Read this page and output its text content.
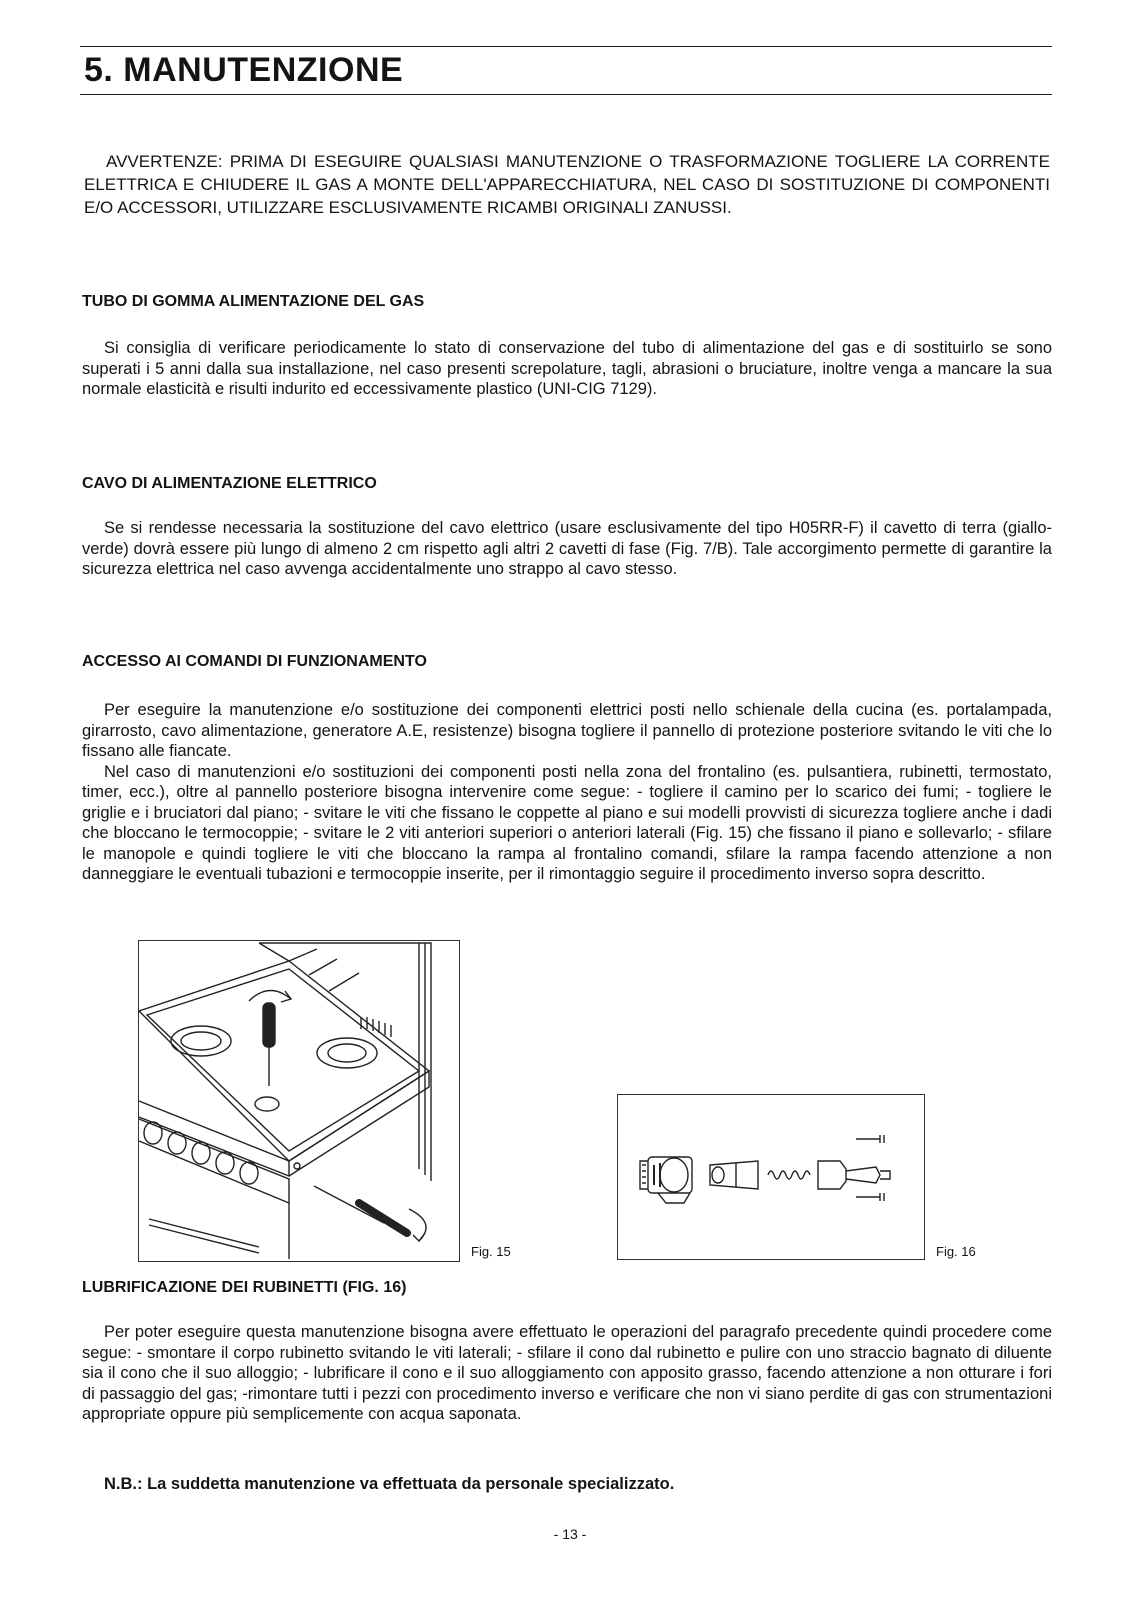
5. MANUTENZIONE

AVVERTENZE: PRIMA DI ESEGUIRE QUALSIASI MANUTENZIONE O TRASFORMAZIONE TOGLIERE LA CORRENTE ELETTRICA E CHIUDERE IL GAS A MONTE DELL'APPARECCHIATURA, NEL CASO DI SOSTITUZIONE DI COMPONENTI E/O ACCESSORI, UTILIZZARE ESCLUSIVAMENTE RICAMBI ORIGINALI ZANUSSI.

TUBO DI GOMMA ALIMENTAZIONE DEL GAS

Si consiglia di verificare periodicamente lo stato di conservazione del tubo di alimentazione del gas e di sostituirlo se sono superati i 5 anni dalla sua installazione, nel caso presenti screpolature, tagli, abrasioni o bruciature, inoltre venga a mancare la sua normale elasticità e risulti indurito ed eccessivamente plastico (UNI-CIG 7129).

CAVO DI ALIMENTAZIONE ELETTRICO

Se si rendesse necessaria la sostituzione del cavo elettrico (usare esclusivamente del tipo H05RR-F) il cavetto di terra (giallo-verde) dovrà essere più lungo di almeno 2 cm rispetto agli altri 2 cavetti di fase (Fig. 7/B). Tale accorgimento permette di garantire la sicurezza elettrica nel caso avvenga accidentalmente uno strappo al cavo stesso.

ACCESSO AI COMANDI DI FUNZIONAMENTO

Per eseguire la manutenzione e/o sostituzione dei componenti elettrici posti nello schienale della cucina (es. portalampada, girarrosto, cavo alimentazione, generatore A.E, resistenze) bisogna togliere il pannello di protezione posteriore svitando le viti che lo fissano alle fiancate.

Nel caso di manutenzioni e/o sostituzioni dei componenti posti nella zona del frontalino (es. pulsantiera, rubinetti, termostato, timer, ecc.), oltre al pannello posteriore bisogna intervenire come segue: - togliere il camino per lo scarico dei fumi; - togliere le griglie e i bruciatori dal piano; - svitare le viti che fissano le coppette al piano e sui modelli provvisti di sicurezza togliere anche i dadi che bloccano le termocoppie; - svitare le 2 viti anteriori superiori o anteriori laterali (Fig. 15) che fissano il piano e sollevarlo; - sfilare le manopole e quindi togliere le viti che bloccano la rampa al frontalino comandi, sfilare la rampa facendo attenzione a non danneggiare le eventuali tubazioni e termocoppie inserite, per il rimontaggio seguire il procedimento inverso sopra descritto.

Fig. 15	Fig. 16
LUBRIFICAZIONE DEI RUBINETTI (FIG. 16)

Per poter eseguire questa manutenzione bisogna avere effettuato le operazioni del paragrafo precedente quindi procedere come segue: - smontare il corpo rubinetto svitando le viti laterali; - sfilare il cono dal rubinetto e pulire con uno straccio bagnato di diluente sia il cono che il suo alloggio; - lubrificare il cono e il suo alloggiamento con apposito grasso, facendo attenzione a non otturare i fori di passaggio del gas; -rimontare tutti i pezzi con procedimento inverso e verificare che non vi siano perdite di gas con strumentazioni appropriate oppure più semplicemente con acqua saponata.

N.B.: La suddetta manutenzione va effettuata da personale specializzato.

- 13 -
